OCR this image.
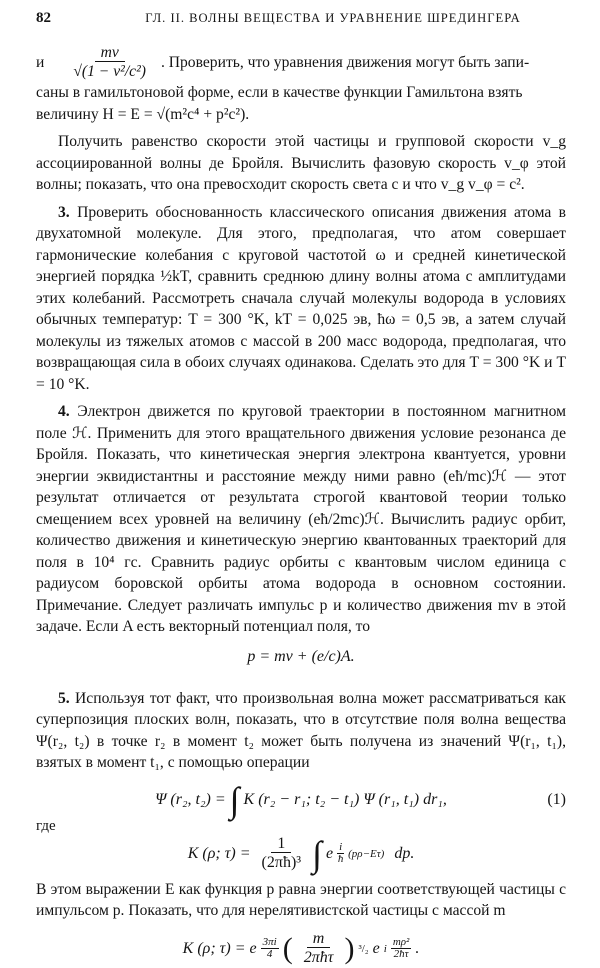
82	ГЛ. II. ВОЛНЫ ВЕЩЕСТВА И УРАВНЕНИЕ ШРЕДИНГЕРА
и $\frac{mv}{\text{√(1 − v²/c²)}}$ . Проверить, что уравнения движения могут быть запи-

саны в гамильтоновой форме, если в качестве функции Гамильтона взять

величину H = E = √(m²c⁴ + p²c²).

Получить равенство скорости этой частицы и групповой скорости v_g ассоциированной волны де Бройля. Вычислить фазовую скорость v_φ этой волны; показать, что она превосходит скорость света c и что v_g v_φ = c².

3. Проверить обоснованность классического описания движения атома в двухатомной молекуле. Для этого, предполагая, что атом совершает гармонические колебания с круговой частотой ω и средней кинетической энергией порядка ½kT, сравнить среднюю длину волны атома с амплитудами этих колебаний. Рассмотреть сначала случай молекулы водорода в условиях обычных температур: T = 300 °K, kT = 0,025 эв, ħω = 0,5 эв, а затем случай молекулы из тяжелых атомов с массой в 200 масс водорода, предполагая, что возвращающая сила в обоих случаях одинакова. Сделать это для T = 300 °K и T = 10 °K.

4. Электрон движется по круговой траектории в постоянном магнитном поле ℋ. Применить для этого вращательного движения условие резонанса де Бройля. Показать, что кинетическая энергия электрона квантуется, уровни энергии эквидистантны и расстояние между ними равно (eħ/mc)ℋ — этот результат отличается от результата строгой квантовой теории только смещением всех уровней на величину (eħ/2mc)ℋ. Вычислить радиус орбит, количество движения и кинетическую энергию квантованных траекторий для поля в 10⁴ гс. Сравнить радиус орбиты с квантовым числом единица с радиусом боровской орбиты атома водорода в основном состоянии. Примечание. Следует различать импульс p и количество движения mv в этой задаче. Если A есть векторный потенциал поля, то

p = mv + (e/c)A.

5. Используя тот факт, что произвольная волна может рассматриваться как суперпозиция плоских волн, показать, что в отсутствие поля волна вещества Ψ(r₂, t₂) в точке r₂ в момент t₂ может быть получена из значений Ψ(r₁, t₁), взятых в момент t₁, с помощью операции

Ψ (r₂, t₂) = ∫ K (r₂ − r₁; t₂ − t₁) Ψ (r₁, t₁) dr₁,	(1)
где
K (ρ; $\tau) = \frac{1}{\text{(2πħ)³}}$ ∫ e $\frac{i}{ħ} (p\rho-E\tau)$ dp.

В этом выражении E как функция p равна энергии соответствующей частицы с импульсом p. Показать, что для нерелятивистской частицы с массой m

K (ρ; τ) = e $\frac{3\pi i}{4}$ ( $\frac{m}{\text{2πħτ}}$ ) ³/₂ e i $\frac{\text{mρ²}}{2ħ\tau}$ .
